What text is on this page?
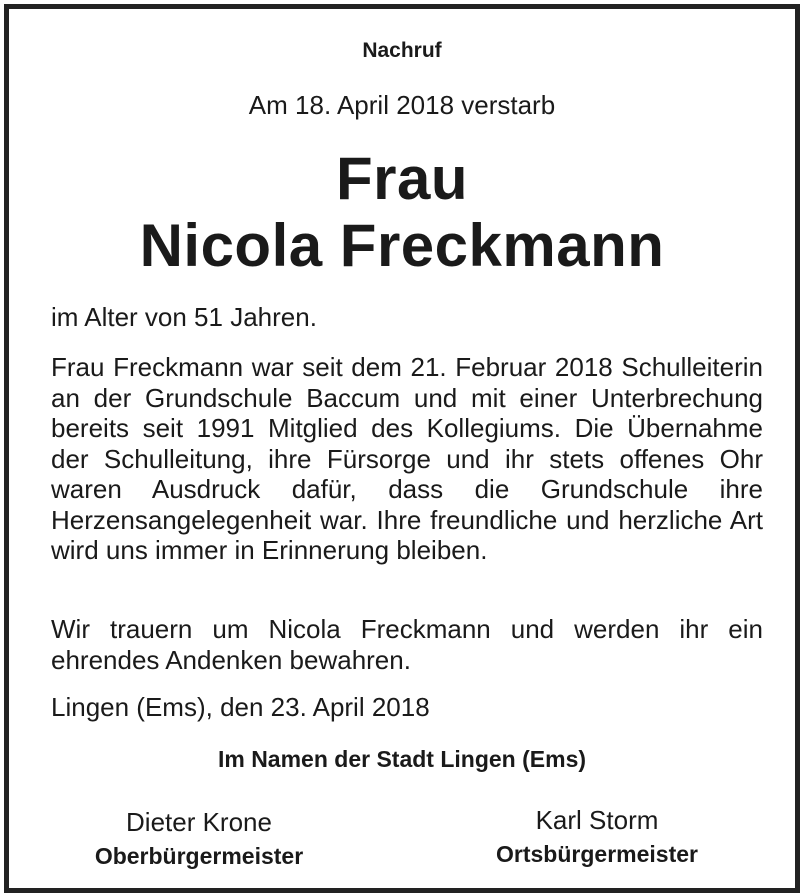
Nachruf
Am 18. April 2018 verstarb
Frau
Nicola Freckmann
im Alter von 51 Jahren.
Frau Freckmann war seit dem 21. Februar 2018 Schulleiterin an der Grundschule Baccum und mit einer Unterbrechung bereits seit 1991 Mitglied des Kollegiums. Die Übernahme der Schulleitung, ihre Fürsorge und ihr stets offenes Ohr waren Ausdruck dafür, dass die Grundschule ihre Herzensangelegenheit war. Ihre freundliche und herzliche Art wird uns immer in Erinnerung bleiben.
Wir trauern um Nicola Freckmann und werden ihr ein ehrendes Andenken bewahren.
Lingen (Ems), den 23. April 2018
Im Namen der Stadt Lingen (Ems)
Dieter Krone
Oberbürgermeister
Karl Storm
Ortsbürgermeister
